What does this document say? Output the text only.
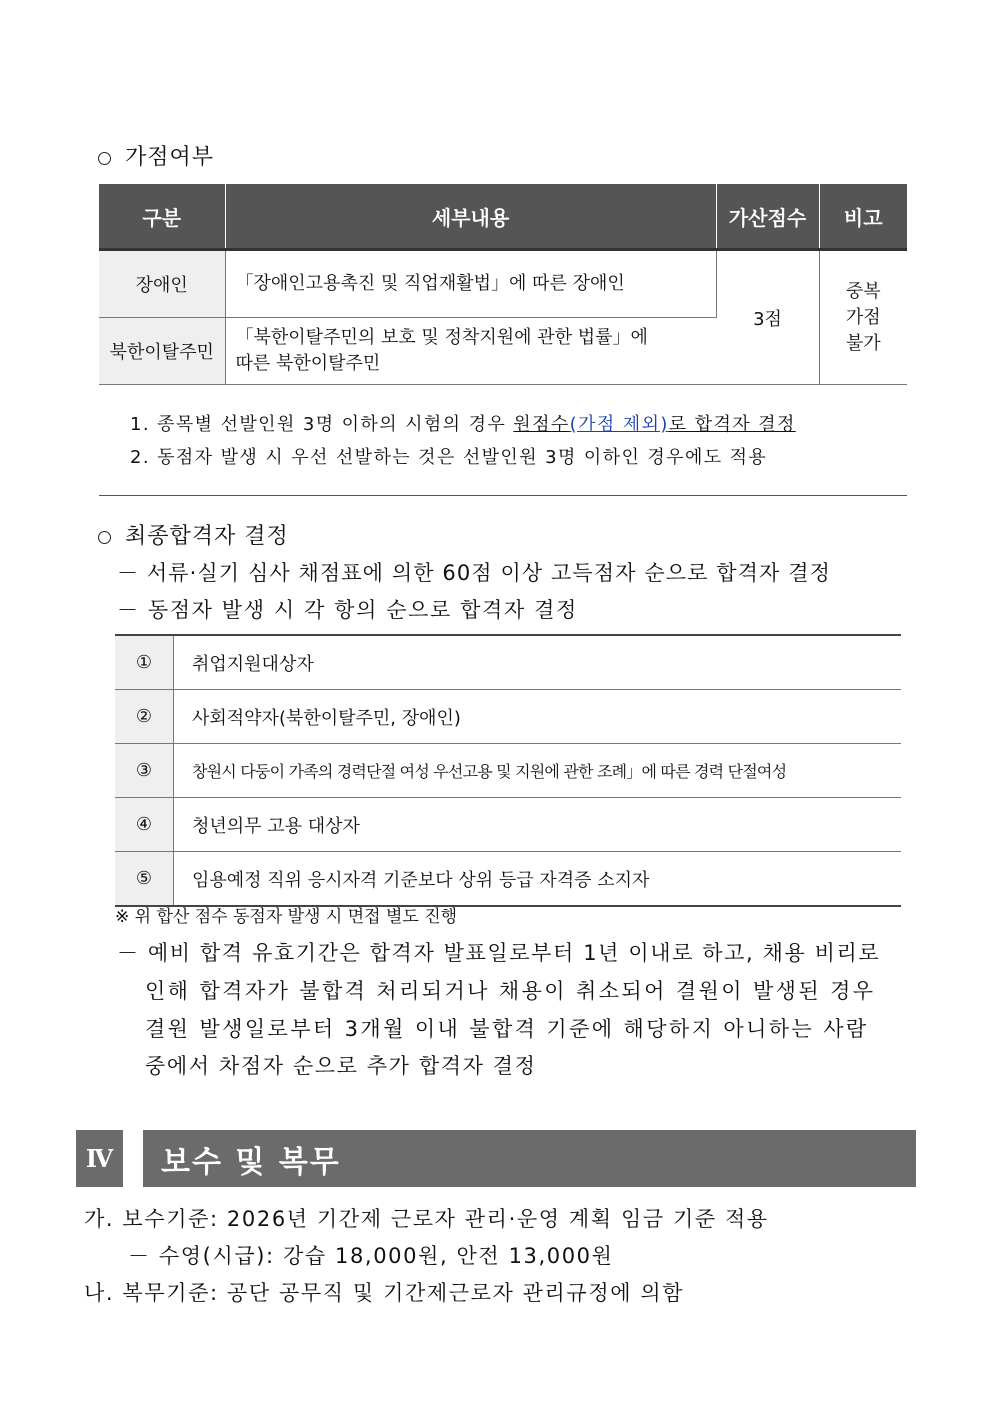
가점여부
구분	세부내용	가산점수	비고
장애인	「장애인고용촉진 및 직업재활법」에 따른 장애인	3점	중복
가점
불가

북한이탈주민	「북한이탈주민의 보호 및 정착지원에 관한 법률」에
따른 북한이탈주민		
1. 종목별 선발인원 3명 이하의 시험의 경우 원점수(가점 제외)로 합격자 결정
2. 동점자 발생 시 우선 선발하는 것은 선발인원 3명 이하인 경우에도 적용
최종합격자 결정
－ 서류·실기 심사 채점표에 의한 60점 이상 고득점자 순으로 합격자 결정
－ 동점자 발생 시 각 항의 순으로 합격자 결정
①	취업지원대상자
②	사회적약자(북한이탈주민, 장애인)
③	창원시 다둥이 가족의 경력단절 여성 우선고용 및 지원에 관한 조례」에 따른 경력 단절여성
④	청년의무 고용 대상자
⑤	임용예정 직위 응시자격 기준보다 상위 등급 자격증 소지자
※ 위 합산 점수 동점자 발생 시 면접 별도 진행
－ 예비 합격 유효기간은 합격자 발표일로부터 1년 이내로 하고, 채용 비리로
인해 합격자가 불합격 처리되거나 채용이 취소되어 결원이 발생된 경우
결원 발생일로부터 3개월 이내 불합격 기준에 해당하지 아니하는 사람
중에서 차점자 순으로 추가 합격자 결정
Ⅳ	보수 및 복무
가. 보수기준: 2026년 기간제 근로자 관리·운영 계획 임금 기준 적용
－ 수영(시급): 강습 18,000원, 안전 13,000원
나. 복무기준: 공단 공무직 및 기간제근로자 관리규정에 의함
